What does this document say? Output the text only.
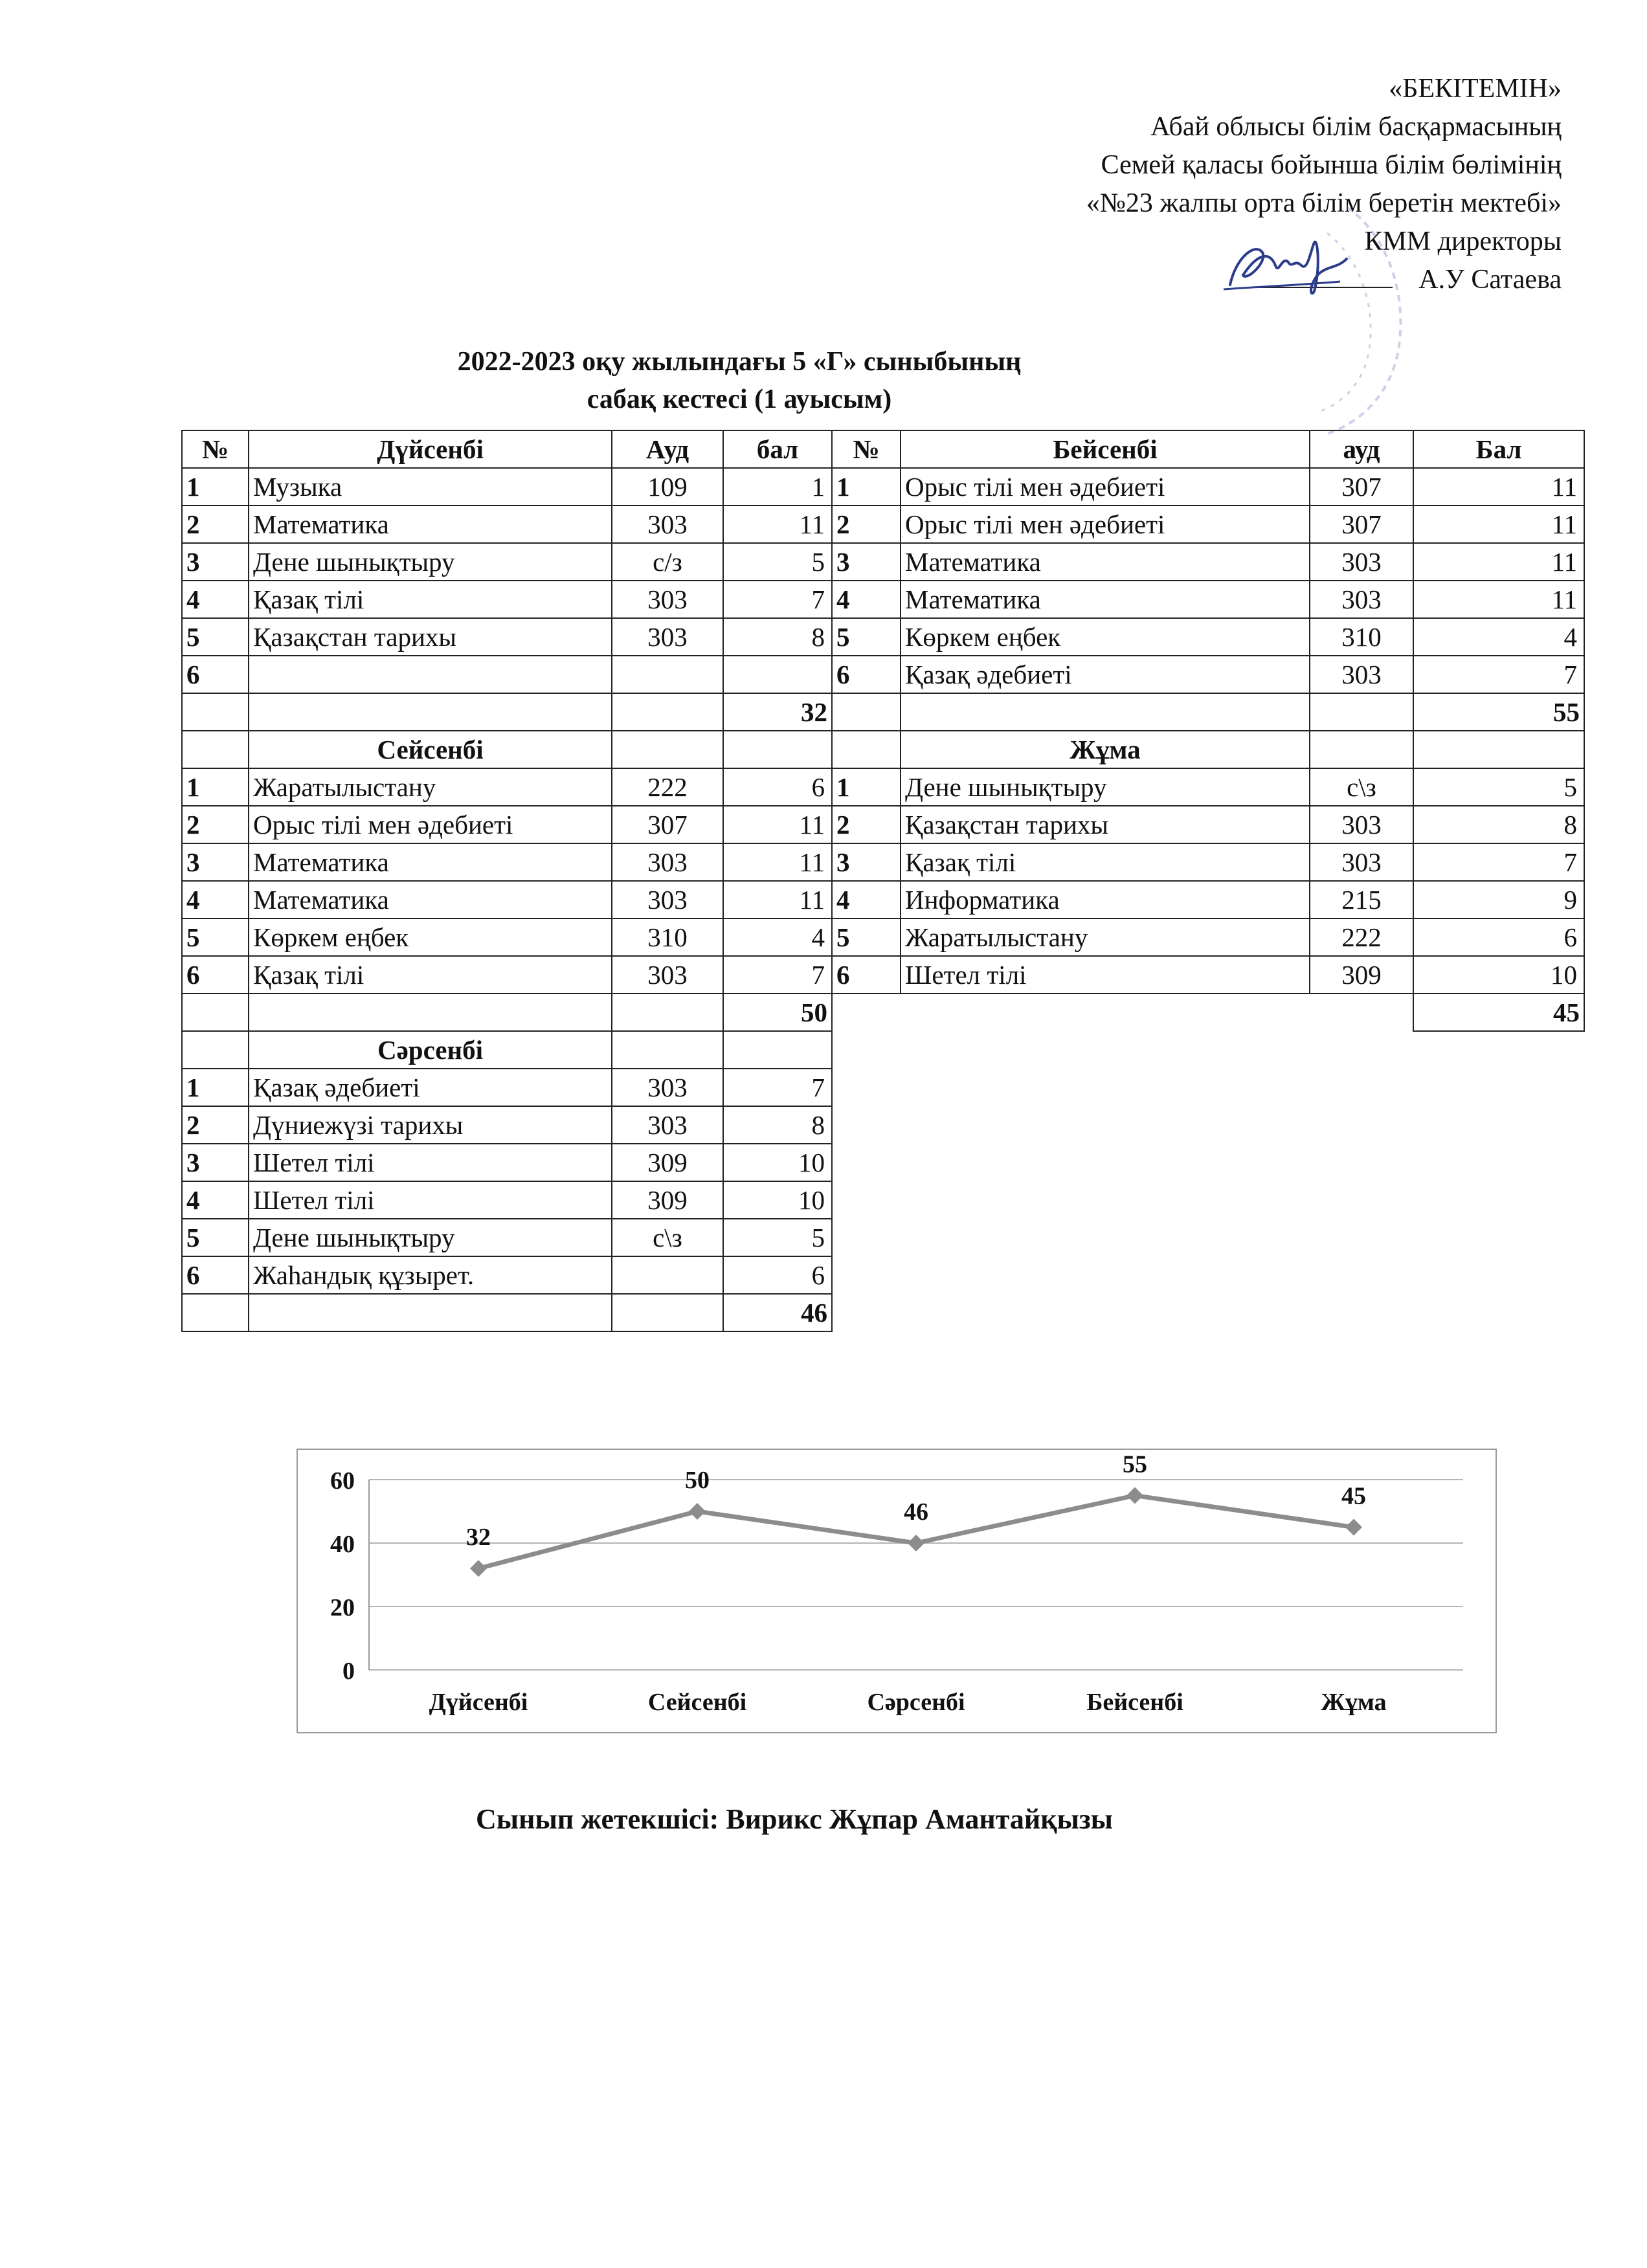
«БЕКІТЕМІН»
Абай облысы білім басқармасының
Семей қаласы бойынша білім бөлімінің
«№23 жалпы орта білім беретін мектебі»
КММ директоры
А.У Сатаева
2022-2023 оқу жылындағы 5 «Г» сыныбының
сабақ кестесі (1 ауысым)
№	Дүйсенбі	Ауд	бал
1	Музыка	109	1
2	Математика	303	11
3	Дене шынықтыру	с/з	5
4	Қазақ тілі	303	7
5	Қазақстан тарихы	303	8
6			
			32
	Сейсенбі		
1	Жаратылыстану	222	6
2	Орыс тілі мен әдебиеті	307	11
3	Математика	303	11
4	Математика	303	11
5	Көркем еңбек	310	4
6	Қазақ тілі	303	7
			50
	Сәрсенбі		
1	Қазақ әдебиеті	303	7
2	Дүниежүзі тарихы	303	8
3	Шетел тілі	309	10
4	Шетел тілі	309	10
5	Дене шынықтыру	с\з	5
6	Жаһандық құзырет.		6
			46
№	Бейсенбі	ауд	Бал
1	Орыс тілі мен әдебиеті	307	11
2	Орыс тілі мен әдебиеті	307	11
3	Математика	303	11
4	Математика	303	11
5	Көркем еңбек	310	4
6	Қазақ әдебиеті	303	7
			55
	Жұма		
1	Дене шынықтыру	с\з	5
2	Қазақстан тарихы	303	8
3	Қазақ тілі	303	7
4	Информатика	215	9
5	Жаратылыстану	222	6
6	Шетел тілі	309	10
			45
0
20
40
60
Дүйсенбі	Сейсенбі	Сәрсенбі	Бейсенбі	Жұма
32
50
46
55
45
Сынып жетекшісі: Вирикс Жұпар Амантайқызы
